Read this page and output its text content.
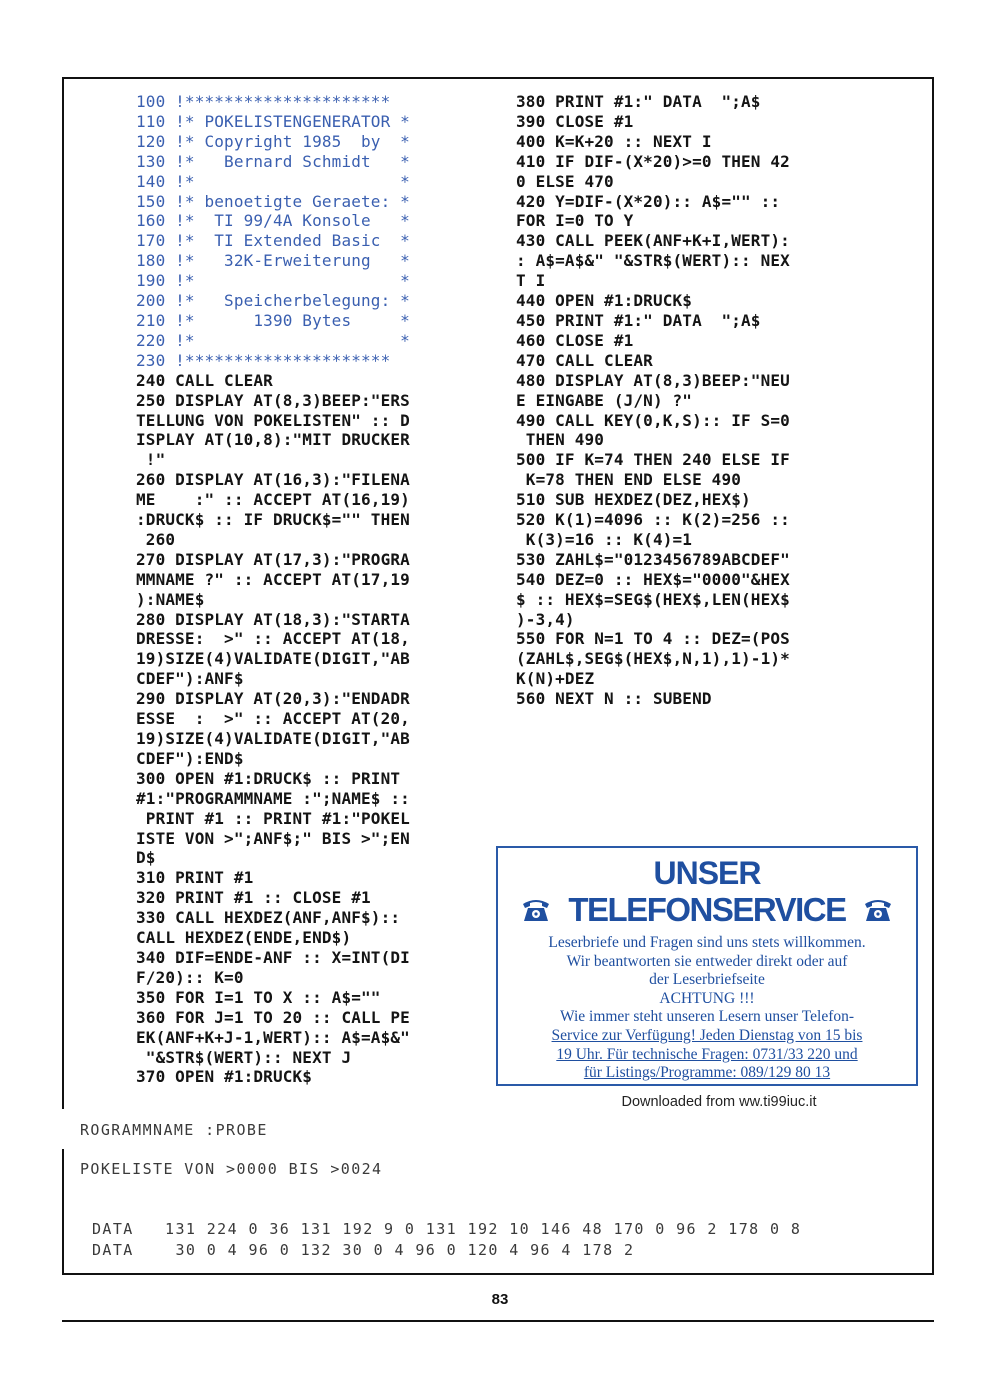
100 !*********************
110 !* POKELISTENGENERATOR *
120 !* Copyright 1985  by  *
130 !*   Bernard Schmidt   *
140 !*                     *
150 !* benoetigte Geraete: *
160 !*  TI 99/4A Konsole   *
170 !*  TI Extended Basic  *
180 !*   32K-Erweiterung   *
190 !*                     *
200 !*   Speicherbelegung: *
210 !*      1390 Bytes     *
220 !*                     *
230 !*********************
240 CALL CLEAR
250 DISPLAY AT(8,3)BEEP:"ERS
TELLUNG VON POKELISTEN" :: D
ISPLAY AT(10,8):"MIT DRUCKER
!"
260 DISPLAY AT(16,3):"FILENA
ME    :" :: ACCEPT AT(16,19)
:DRUCK$ :: IF DRUCK$="" THEN
260
270 DISPLAY AT(17,3):"PROGRA
MMNAME ?" :: ACCEPT AT(17,19
):NAME$
280 DISPLAY AT(18,3):"STARTA
DRESSE:  >" :: ACCEPT AT(18,
19)SIZE(4)VALIDATE(DIGIT,"AB
CDEF"):ANF$
290 DISPLAY AT(20,3):"ENDADR
ESSE  :  >" :: ACCEPT AT(20,
19)SIZE(4)VALIDATE(DIGIT,"AB
CDEF"):END$
300 OPEN #1:DRUCK$ :: PRINT
#1:"PROGRAMMNAME :";NAME$ ::
PRINT #1 :: PRINT #1:"POKEL
ISTE VON >";ANF$;" BIS >";EN
D$
310 PRINT #1
320 PRINT #1 :: CLOSE #1
330 CALL HEXDEZ(ANF,ANF$)::
CALL HEXDEZ(ENDE,END$)
340 DIF=ENDE-ANF :: X=INT(DI
F/20):: K=0
350 FOR I=1 TO X :: A$=""
360 FOR J=1 TO 20 :: CALL PE
EK(ANF+K+J-1,WERT):: A$=A$&"
"&STR$(WERT):: NEXT J
370 OPEN #1:DRUCK$
380 PRINT #1:" DATA  ";A$
390 CLOSE #1
400 K=K+20 :: NEXT I
410 IF DIF-(X*20)>=0 THEN 42
0 ELSE 470
420 Y=DIF-(X*20):: A$="" ::
FOR I=0 TO Y
430 CALL PEEK(ANF+K+I,WERT):
: A$=A$&" "&STR$(WERT):: NEX
T I
440 OPEN #1:DRUCK$
450 PRINT #1:" DATA  ";A$
460 CLOSE #1
470 CALL CLEAR
480 DISPLAY AT(8,3)BEEP:"NEU
E EINGABE (J/N) ?"
490 CALL KEY(0,K,S):: IF S=0
THEN 490
500 IF K=74 THEN 240 ELSE IF
K=78 THEN END ELSE 490
510 SUB HEXDEZ(DEZ,HEX$)
520 K(1)=4096 :: K(2)=256 ::
K(3)=16 :: K(4)=1
530 ZAHL$="0123456789ABCDEF"
540 DEZ=0 :: HEX$="0000"&HEX
$ :: HEX$=SEG$(HEX$,LEN(HEX$
)-3,4)
550 FOR N=1 TO 4 :: DEZ=(POS
(ZAHL$,SEG$(HEX$,N,1),1)-1)*
K(N)+DEZ
560 NEXT N :: SUBEND
UNSER
TELEFONSERVICE
Leserbriefe und Fragen sind uns stets willkommen.
Wir beantworten sie entweder direkt oder auf
der Leserbriefseite
ACHTUNG !!!
Wie immer steht unseren Lesern unser Telefon-
Service zur Verfügung! Jeden Dienstag von 15 bis
19 Uhr. Für technische Fragen: 0731/33 220 und
für Listings/Programme: 089/129 80 13
Downloaded from ww.ti99iuc.it
ROGRAMMNAME :PROBE
POKELISTE VON >0000 BIS >0024
DATA   131 224 0 36 131 192 9 0 131 192 10 146 48 170 0 96 2 178 0 8
DATA    30 0 4 96 0 132 30 0 4 96 0 120 4 96 4 178 2
83
